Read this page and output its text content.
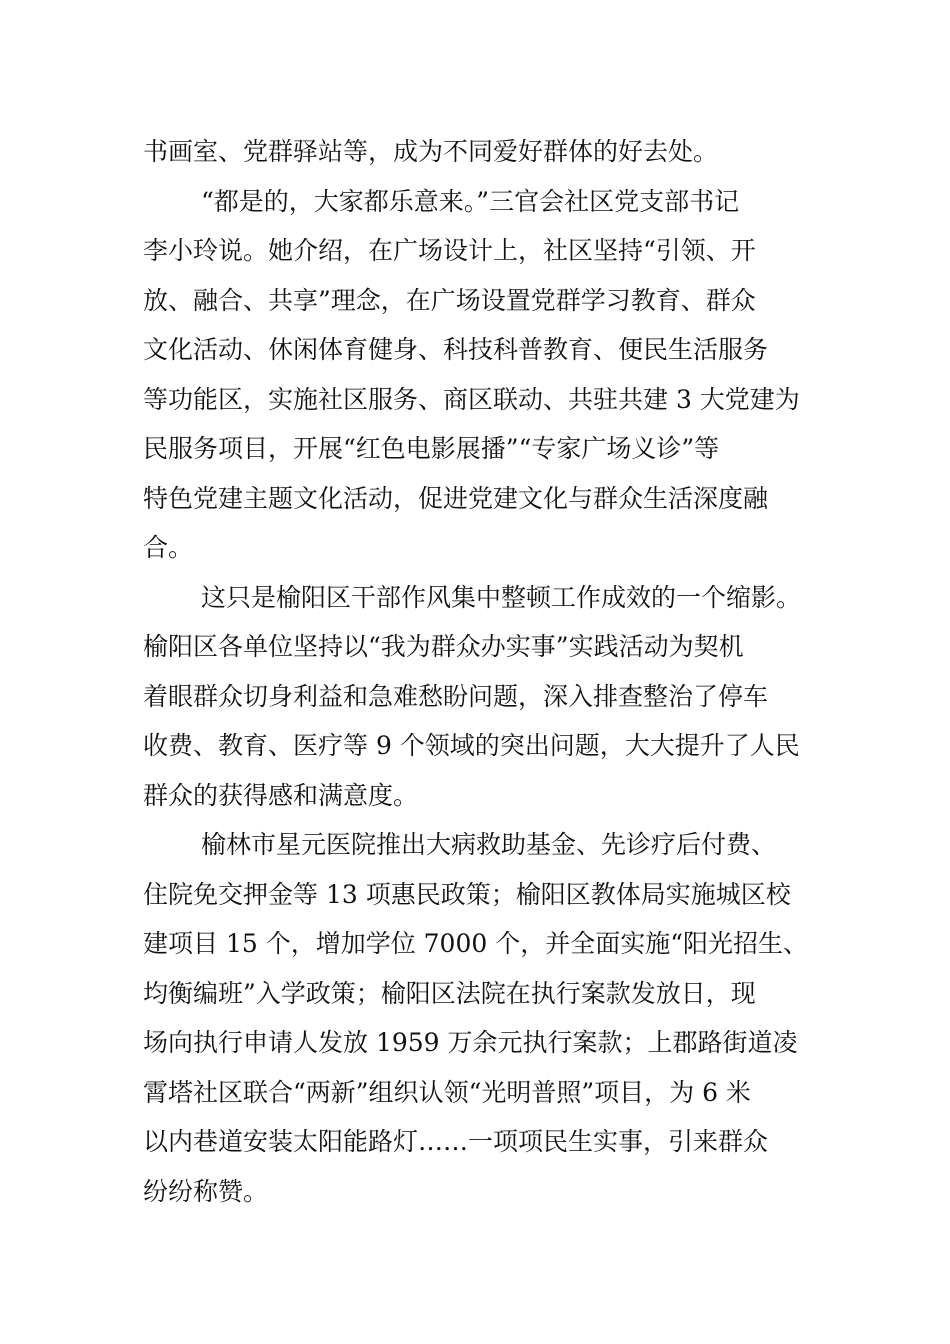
书画室、党群驿站等，成为不同爱好群体的好去处。
“都是的，大家都乐意来。”三官会社区党支部书记
李小玲说。她介绍，在广场设计上，社区坚持“引领、开
放、融合、共享”理念，在广场设置党群学习教育、群众
文化活动、休闲体育健身、科技科普教育、便民生活服务
等功能区，实施社区服务、商区联动、共驻共建 3 大党建为
民服务项目，开展“红色电影展播”“专家广场义诊”等
特色党建主题文化活动，促进党建文化与群众生活深度融
合。
这只是榆阳区干部作风集中整顿工作成效的一个缩影。
榆阳区各单位坚持以“我为群众办实事”实践活动为契机
着眼群众切身利益和急难愁盼问题，深入排查整治了停车
收费、教育、医疗等 9 个领域的突出问题，大大提升了人民
群众的获得感和满意度。
榆林市星元医院推出大病救助基金、先诊疗后付费、
住院免交押金等 13 项惠民政策；榆阳区教体局实施城区校
建项目 15 个，增加学位 7000 个，并全面实施“阳光招生、
均衡编班”入学政策；榆阳区法院在执行案款发放日，现
场向执行申请人发放 1959 万余元执行案款；上郡路街道凌
霄塔社区联合“两新”组织认领“光明普照”项目，为 6 米
以内巷道安装太阳能路灯……一项项民生实事，引来群众
纷纷称赞。
